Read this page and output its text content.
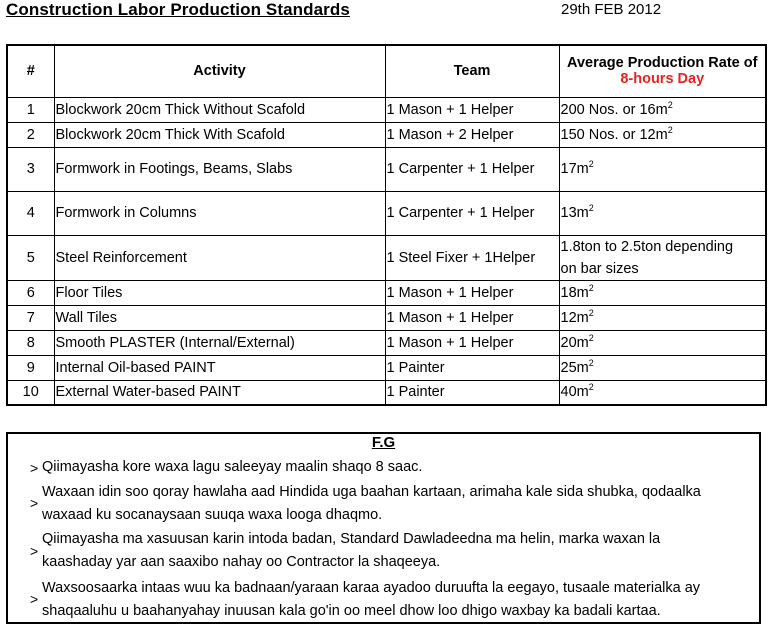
Construction Labor Production Standards	29th FEB 2012
#	Activity	Team	Average Production Rate of
8-hours Day

1	Blockwork 20cm Thick Without Scafold	1 Mason + 1 Helper	200 Nos. or $16m^2$
2	Blockwork 20cm Thick With Scafold	1 Mason + 2 Helper	150 Nos. or $12m^2$
3	Formwork in Footings, Beams, Slabs	1 Carpenter + 1 Helper	$17m^2$
4	Formwork in Columns	1 Carpenter + 1 Helper	$13m^2$
5	Steel Reinforcement	1 Steel Fixer + 1Helper	1.8ton to 2.5ton depending
on bar sizes
6	Floor Tiles	1 Mason + 1 Helper	$18m^2$
7	Wall Tiles	1 Mason + 1 Helper	$12m^2$
8	Smooth PLASTER (Internal/External)	1 Mason + 1 Helper	$20m^2$
9	Internal Oil-based PAINT	1 Painter	$25m^2$
10	External Water-based PAINT	1 Painter	$40m^2$
F.G
> Qiimayasha kore waxa lagu saleeyay maalin shaqo 8 saac.
>
Waxaan idin soo qoray hawlaha aad Hindida uga baahan kartaan, arimaha kale sida shubka, qodaalka
waxaad ku socanaysaan suuqa waxa looga dhaqmo.
>
Qiimayasha ma xasuusan karin intoda badan, Standard Dawladeedna ma helin, marka waxan la
kaashaday yar aan saaxibo nahay oo Contractor la shaqeeya.
>
Waxsoosaarka intaas wuu ka badnaan/yaraan karaa ayadoo duruufta la eegayo, tusaale materialka ay
shaqaaluhu u baahanyahay inuusan kala go'in oo meel dhow loo dhigo waxbay ka badali kartaa.
